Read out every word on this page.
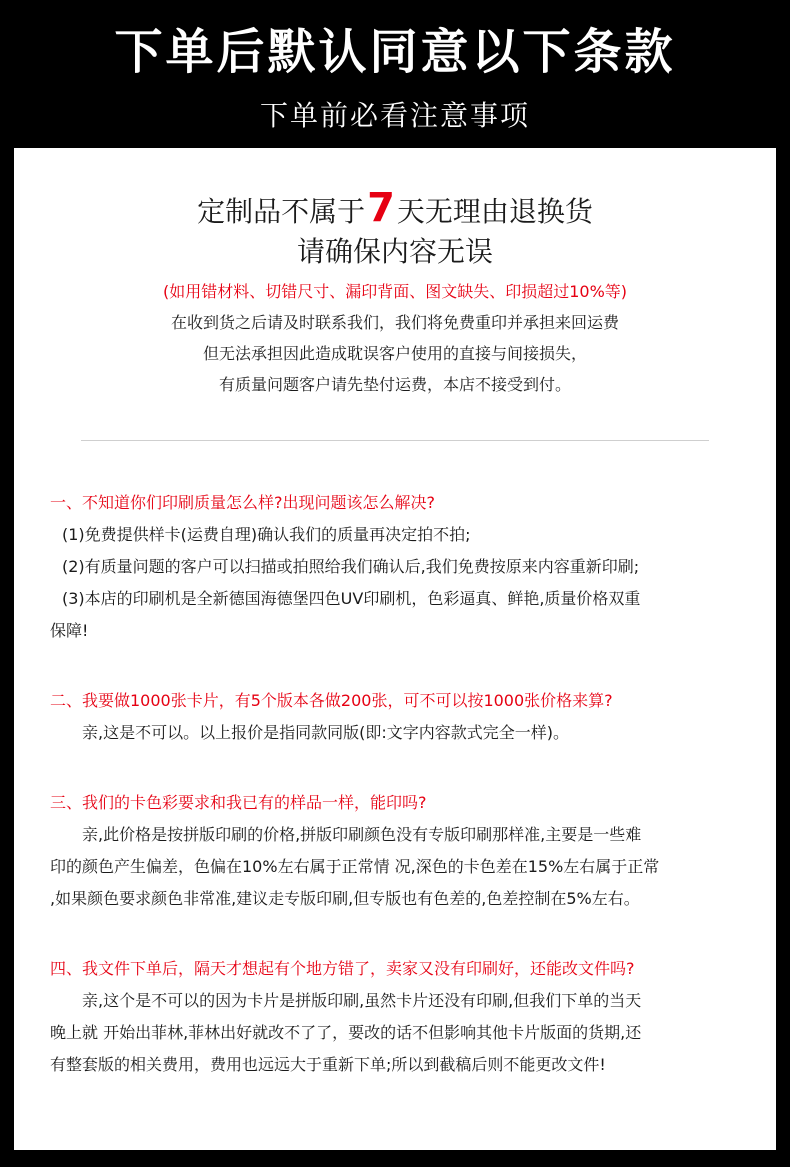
下单后默认同意以下条款
下单前必看注意事项
定制品不属于7天无理由退换货
请确保内容无误
(如用错材料、切错尺寸、漏印背面、图文缺失、印损超过10%等)
在收到货之后请及时联系我们，我们将免费重印并承担来回运费
但无法承担因此造成耽误客户使用的直接与间接损失，
有质量问题客户请先垫付运费，本店不接受到付。

一、不知道你们印刷质量怎么样?出现问题该怎么解决?

(1)免费提供样卡(运费自理)确认我们的质量再决定拍不拍;

(2)有质量问题的客户可以扫描或拍照给我们确认后,我们免费按原来内容重新印刷;

(3)本店的印刷机是全新德国海德堡四色UV印刷机，色彩逼真、鲜艳,质量价格双重

保障!

二、我要做1000张卡片，有5个版本各做200张，可不可以按1000张价格来算?

亲,这是不可以。以上报价是指同款同版(即:文字内容款式完全一样)。

三、我们的卡色彩要求和我已有的样品一样，能印吗?

亲,此价格是按拼版印刷的价格,拼版印刷颜色没有专版印刷那样准,主要是一些难

印的颜色产生偏差，色偏在10%左右属于正常情 况,深色的卡色差在15%左右属于正常

,如果颜色要求颜色非常准,建议走专版印刷,但专版也有色差的,色差控制在5%左右。

四、我文件下单后，隔天才想起有个地方错了，卖家又没有印刷好，还能改文件吗?

亲,这个是不可以的因为卡片是拼版印刷,虽然卡片还没有印刷,但我们下单的当天

晚上就 开始出菲林,菲林出好就改不了了，要改的话不但影响其他卡片版面的货期,还

有整套版的相关费用，费用也远远大于重新下单;所以到截稿后则不能更改文件!
